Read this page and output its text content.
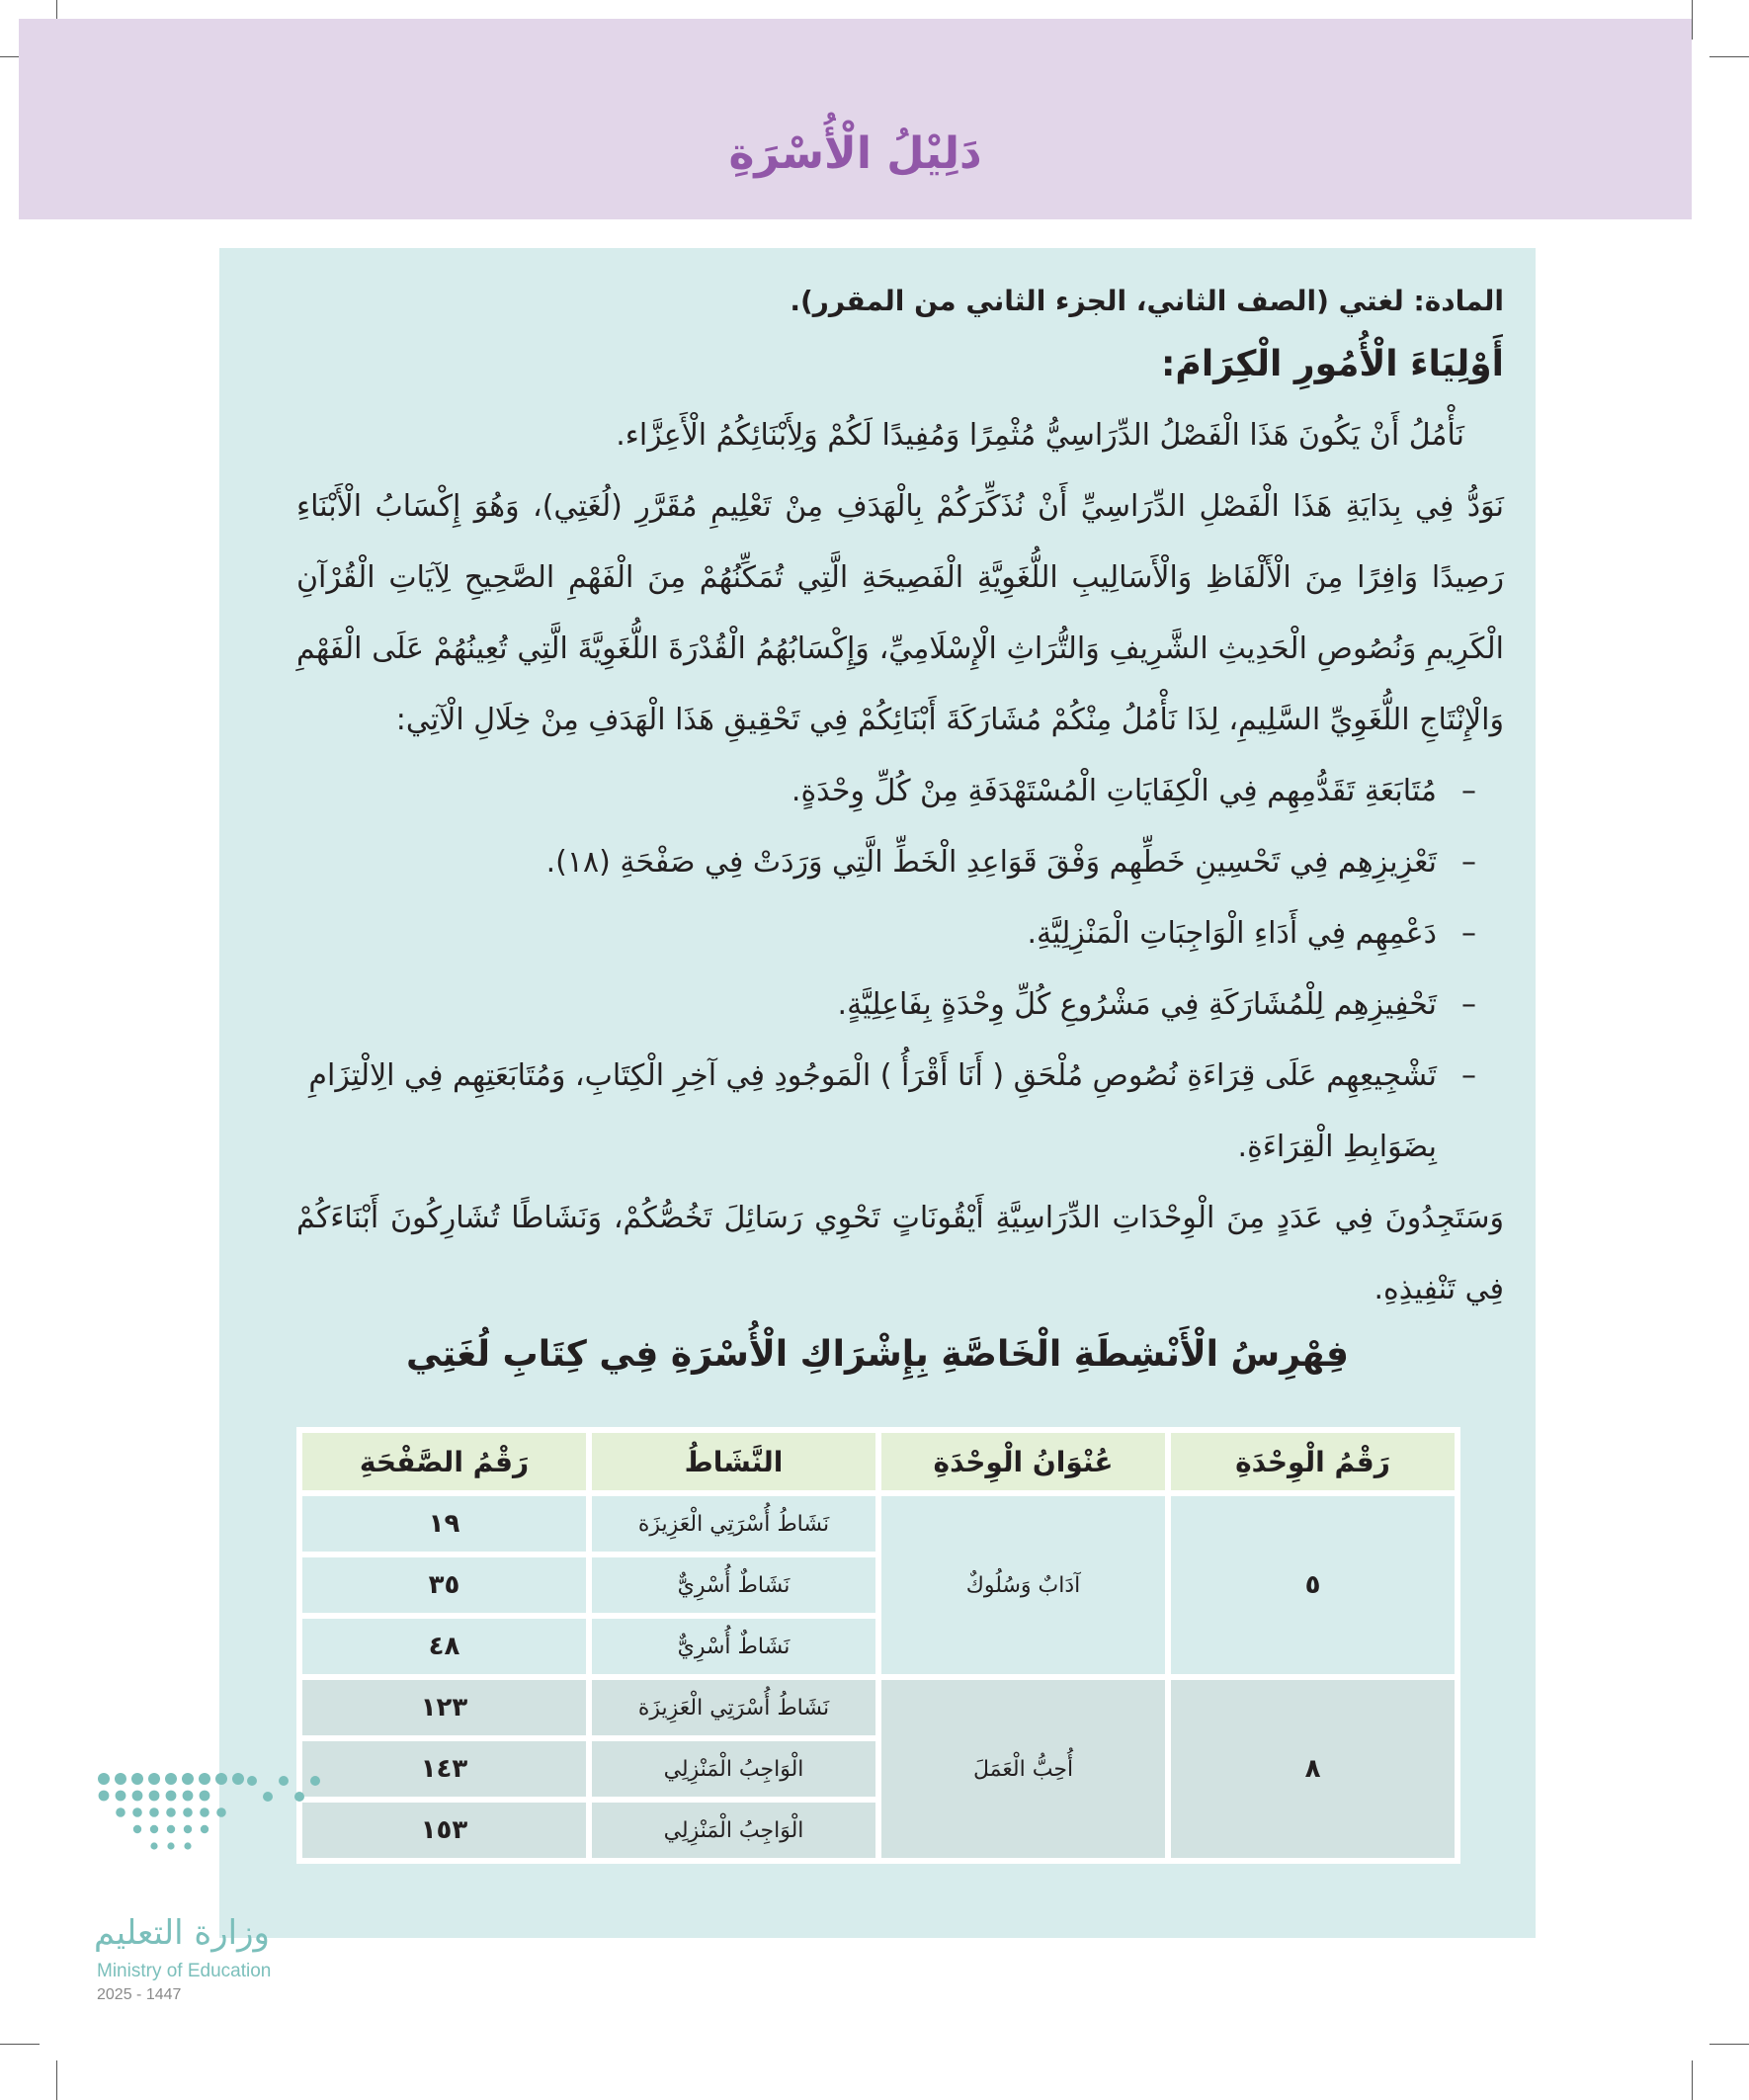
دَلِيْلُ الْأُسْرَةِ

المادة: لغتي (الصف الثاني، الجزء الثاني من المقرر).

أَوْلِيَاءَ الْأُمُورِ الْكِرَامَ:

نَأْمُلُ أَنْ يَكُونَ هَذَا الْفَصْلُ الدِّرَاسِيُّ مُثْمِرًا وَمُفِيدًا لَكُمْ وَلِأَبْنَائِكُمُ الْأَعِزَّاء.

نَوَدُّ فِي بِدَايَةِ هَذَا الْفَصْلِ الدِّرَاسِيِّ أَنْ نُذَكِّرَكُمْ بِالْهَدَفِ مِنْ تَعْلِيمِ مُقَرَّرِ (لُغَتِي)، وَهُوَ إِكْسَابُ الْأَبْنَاءِ رَصِيدًا وَافِرًا مِنَ الْأَلْفَاظِ وَالْأَسَالِيبِ اللُّغَوِيَّةِ الْفَصِيحَةِ الَّتِي تُمَكِّنُهُمْ مِنَ الْفَهْمِ الصَّحِيحِ لِآيَاتِ الْقُرْآنِ الْكَرِيمِ وَنُصُوصِ الْحَدِيثِ الشَّرِيفِ وَالتُّرَاثِ الْإِسْلَامِيِّ، وَإِكْسَابُهُمُ الْقُدْرَةَ اللُّغَوِيَّةَ الَّتِي تُعِينُهُمْ عَلَى الْفَهْمِ وَالْإِنْتَاجِ اللُّغَوِيِّ السَّلِيمِ، لِذَا نَأْمُلُ مِنْكُمْ مُشَارَكَةَ أَبْنَائِكُمْ فِي تَحْقِيقِ هَذَا الْهَدَفِ مِنْ خِلَالِ الْآتِي:

–
مُتَابَعَةِ تَقَدُّمِهِم فِي الْكِفَايَاتِ الْمُسْتَهْدَفَةِ مِنْ كُلِّ وِحْدَةٍ.
–
تَعْزِيزِهِم فِي تَحْسِينِ خَطِّهِم وَفْقَ قَوَاعِدِ الْخَطِّ الَّتِي وَرَدَتْ فِي صَفْحَةِ (١٨).
–
دَعْمِهِم فِي أَدَاءِ الْوَاجِبَاتِ الْمَنْزِلِيَّةِ.
–
تَحْفِيزِهِم لِلْمُشَارَكَةِ فِي مَشْرُوعِ كُلِّ وِحْدَةٍ بِفَاعِلِيَّةٍ.
–
تَشْجِيعِهِم عَلَى قِرَاءَةِ نُصُوصِ مُلْحَقِ ( أَنَا أَقْرَأُ ) الْمَوجُودِ فِي آخِرِ الْكِتَابِ، وَمُتَابَعَتِهِم فِي الِالْتِزَامِ بِضَوَابِطِ الْقِرَاءَةِ.

وَسَتَجِدُونَ فِي عَدَدٍ مِنَ الْوِحْدَاتِ الدِّرَاسِيَّةِ أَيْقُونَاتٍ تَحْوِي رَسَائِلَ تَخُصُّكُمْ، وَنَشَاطًا تُشَارِكُونَ أَبْنَاءَكُمْ فِي تَنْفِيذِهِ.

فِهْرِسُ الْأَنْشِطَةِ الْخَاصَّةِ بِإِشْرَاكِ الْأُسْرَةِ فِي كِتَابِ لُغَتِي
رَقْمُ الْوِحْدَةِ	عُنْوَانُ الْوِحْدَةِ	النَّشَاطُ	رَقْمُ الصَّفْحَةِ
٥	آدَابٌ وَسُلُوكٌ	نَشَاطُ أُسْرَتِي الْعَزِيزَة	١٩
		نَشَاطٌ أُسْرِيٌّ	٣٥
		نَشَاطٌ أُسْرِيٌّ	٤٨
٨	أُحِبُّ الْعَمَلَ	نَشَاطُ أُسْرَتِي الْعَزِيزَة	١٢٣
		الْوَاجِبُ الْمَنْزِلِي	١٤٣
		الْوَاجِبُ الْمَنْزِلِي	١٥٣
وزارة التعليم
Ministry of Education
2025 - 1447
